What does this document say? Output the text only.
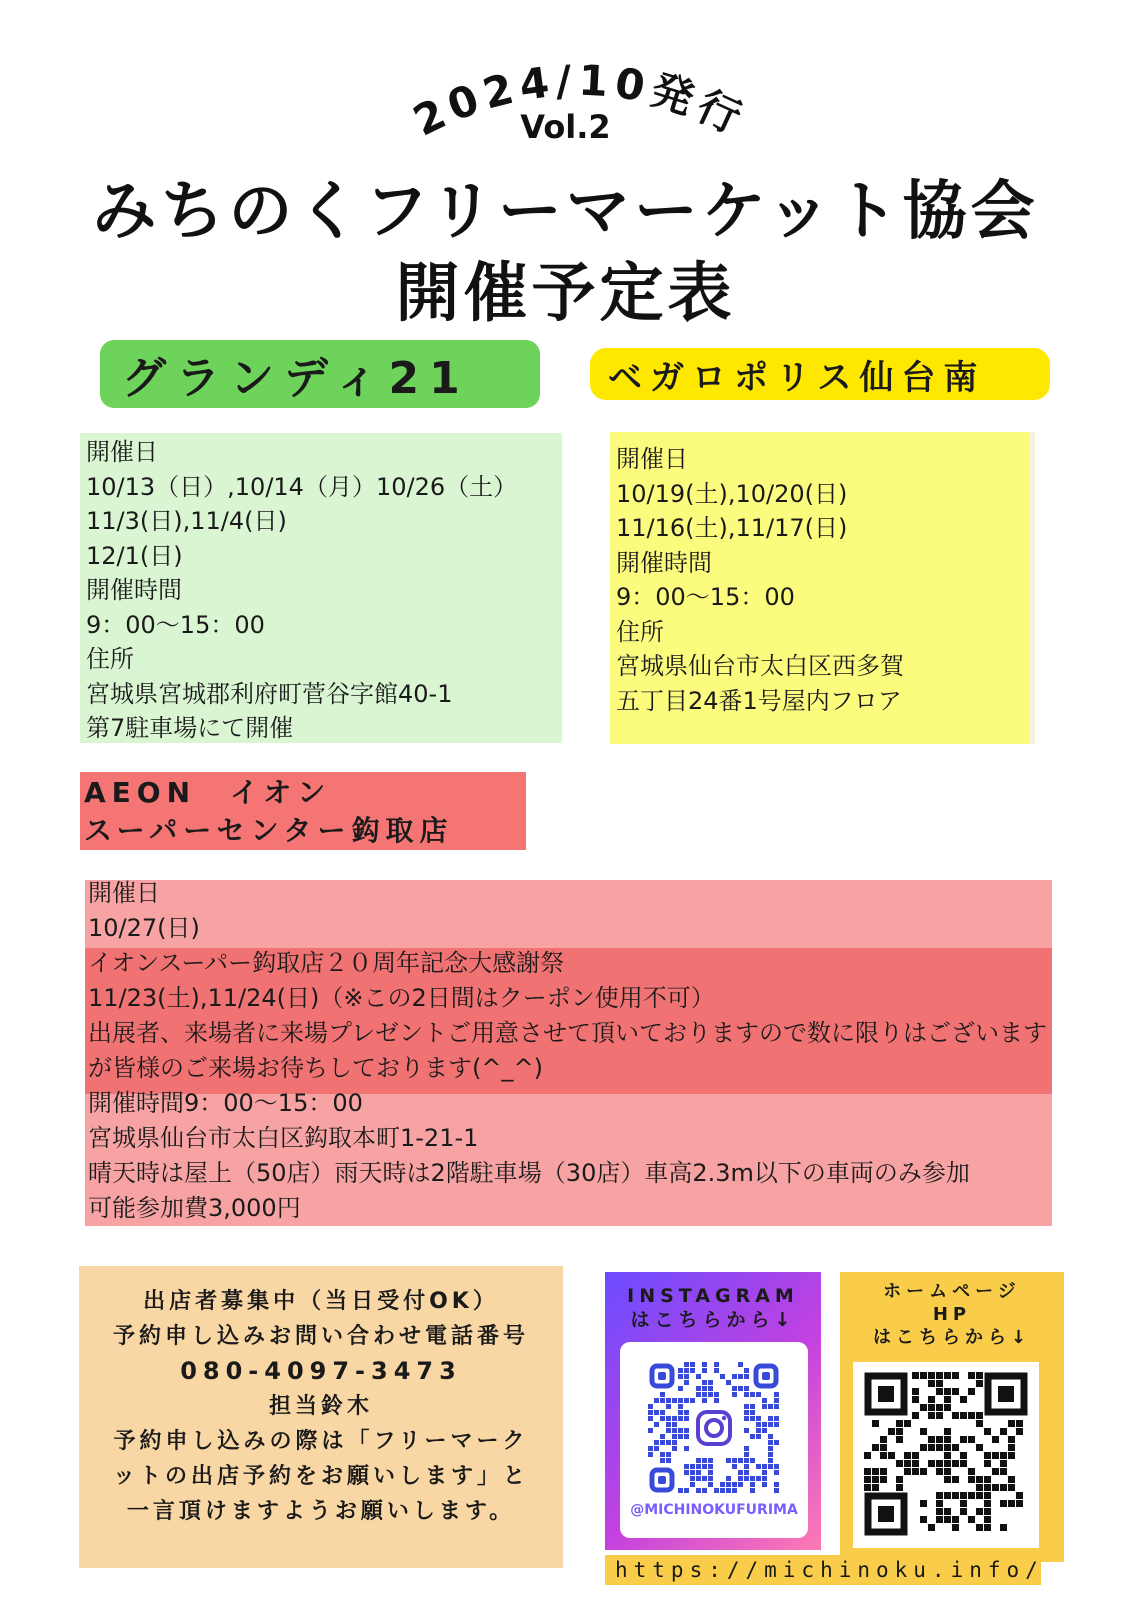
2024/10発行
Vol.2
みちのくフリーマーケット協会
開催予定表
グランディ21	ベガロポリス仙台南
開催日
10/13（日）,10/14（月）10/26（土）
11/3(日),11/4(日)
12/1(日)
開催時間
9：00〜15：00
住所
宮城県宮城郡利府町菅谷字館40-1
第7駐車場にて開催
開催日
10/19(土),10/20(日)
11/16(土),11/17(日)
開催時間
9：00〜15：00
住所
宮城県仙台市太白区西多賀
五丁目24番1号屋内フロア
AEON　イオン
スーパーセンター鈎取店
開催日
10/27(日)
イオンスーパー鈎取店２０周年記念大感謝祭
11/23(土),11/24(日)（※この2日間はクーポン使用不可）
出展者、来場者に来場プレゼントご用意させて頂いておりますので数に限りはございますが皆様のご来場お待ちしております(^_^)
開催時間9：00〜15：00
宮城県仙台市太白区鈎取本町1-21-1
晴天時は屋上（50店）雨天時は2階駐車場（30店）車高2.3m以下の車両のみ参加
可能参加費3,000円
出店者募集中（当日受付OK）
予約申し込みお問い合わせ電話番号
080-4097-3473
担当鈴木
予約申し込みの際は「フリーマーク
ットの出店予約をお願いします」と
一言頂けますようお願いします。
INSTAGRAM
はこちらから↓
@MICHINOKUFURIMA
ホームページ
HP
はこちらから↓
https://michinoku.info/
